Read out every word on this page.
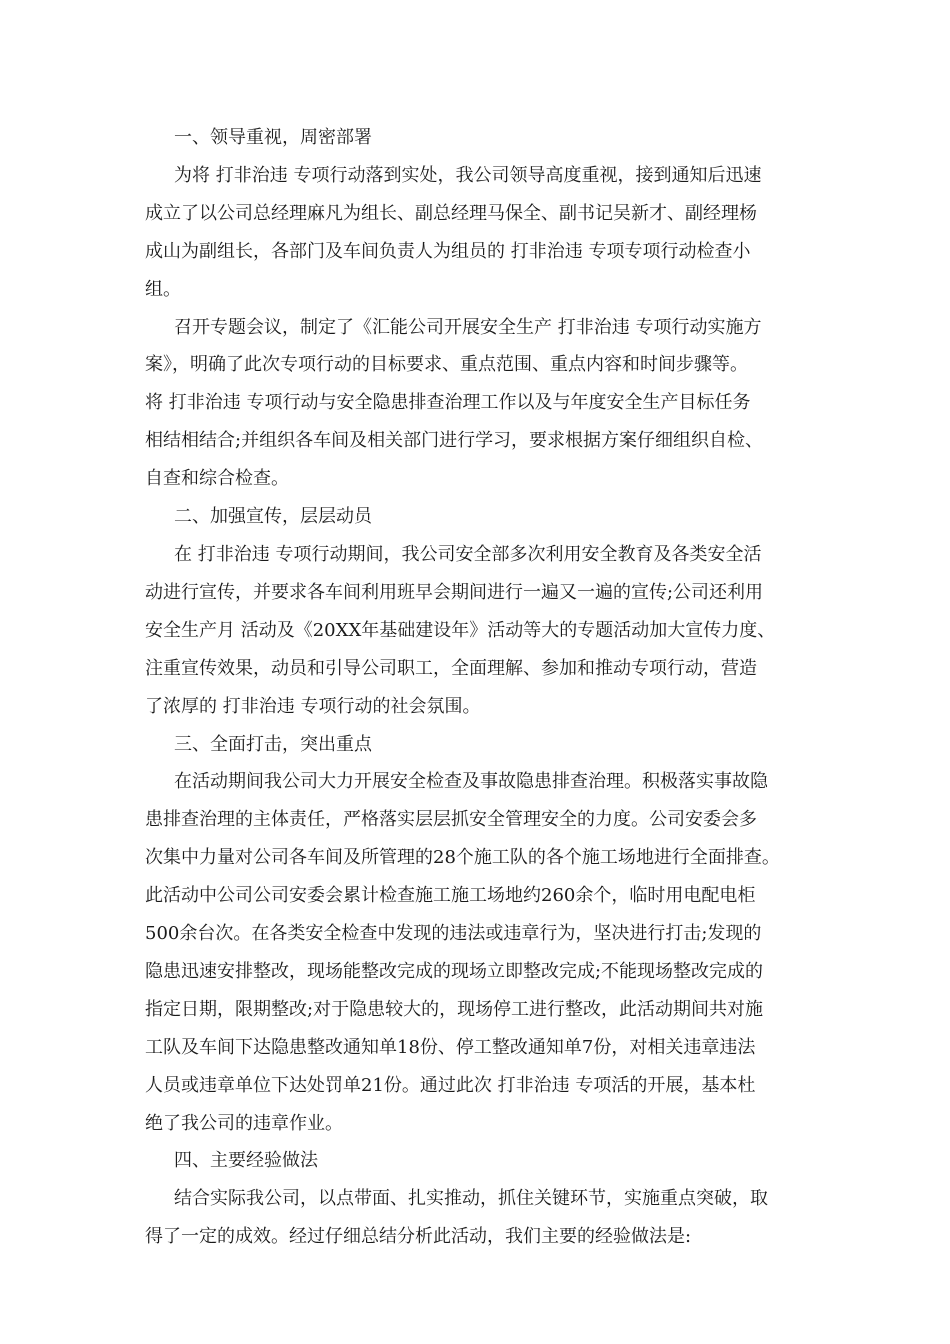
一、领导重视，周密部署
为将 打非治违 专项行动落到实处，我公司领导高度重视，接到通知后迅速
成立了以公司总经理麻凡为组长、副总经理马保全、副书记吴新才、副经理杨
成山为副组长，各部门及车间负责人为组员的 打非治违 专项专项行动检查小
组。
召开专题会议，制定了《汇能公司开展安全生产 打非治违 专项行动实施方
案》，明确了此次专项行动的目标要求、重点范围、重点内容和时间步骤等。
将 打非治违 专项行动与安全隐患排查治理工作以及与年度安全生产目标任务
相结相结合;并组织各车间及相关部门进行学习，要求根据方案仔细组织自检、
自查和综合检查。
二、加强宣传，层层动员
在 打非治违 专项行动期间，我公司安全部多次利用安全教育及各类安全活
动进行宣传，并要求各车间利用班早会期间进行一遍又一遍的宣传;公司还利用
安全生产月 活动及《20XX年基础建设年》活动等大的专题活动加大宣传力度、
注重宣传效果，动员和引导公司职工，全面理解、参加和推动专项行动，营造
了浓厚的 打非治违 专项行动的社会氛围。
三、全面打击，突出重点
在活动期间我公司大力开展安全检查及事故隐患排查治理。积极落实事故隐
患排查治理的主体责任，严格落实层层抓安全管理安全的力度。公司安委会多
次集中力量对公司各车间及所管理的28个施工队的各个施工场地进行全面排查。
此活动中公司公司安委会累计检查施工施工场地约260余个，临时用电配电柜
500余台次。在各类安全检查中发现的违法或违章行为，坚决进行打击;发现的
隐患迅速安排整改，现场能整改完成的现场立即整改完成;不能现场整改完成的
指定日期，限期整改;对于隐患较大的，现场停工进行整改，此活动期间共对施
工队及车间下达隐患整改通知单18份、停工整改通知单7份，对相关违章违法
人员或违章单位下达处罚单21份。通过此次 打非治违 专项活的开展，基本杜
绝了我公司的违章作业。
四、主要经验做法
结合实际我公司，以点带面、扎实推动，抓住关键环节，实施重点突破，取
得了一定的成效。经过仔细总结分析此活动，我们主要的经验做法是:
